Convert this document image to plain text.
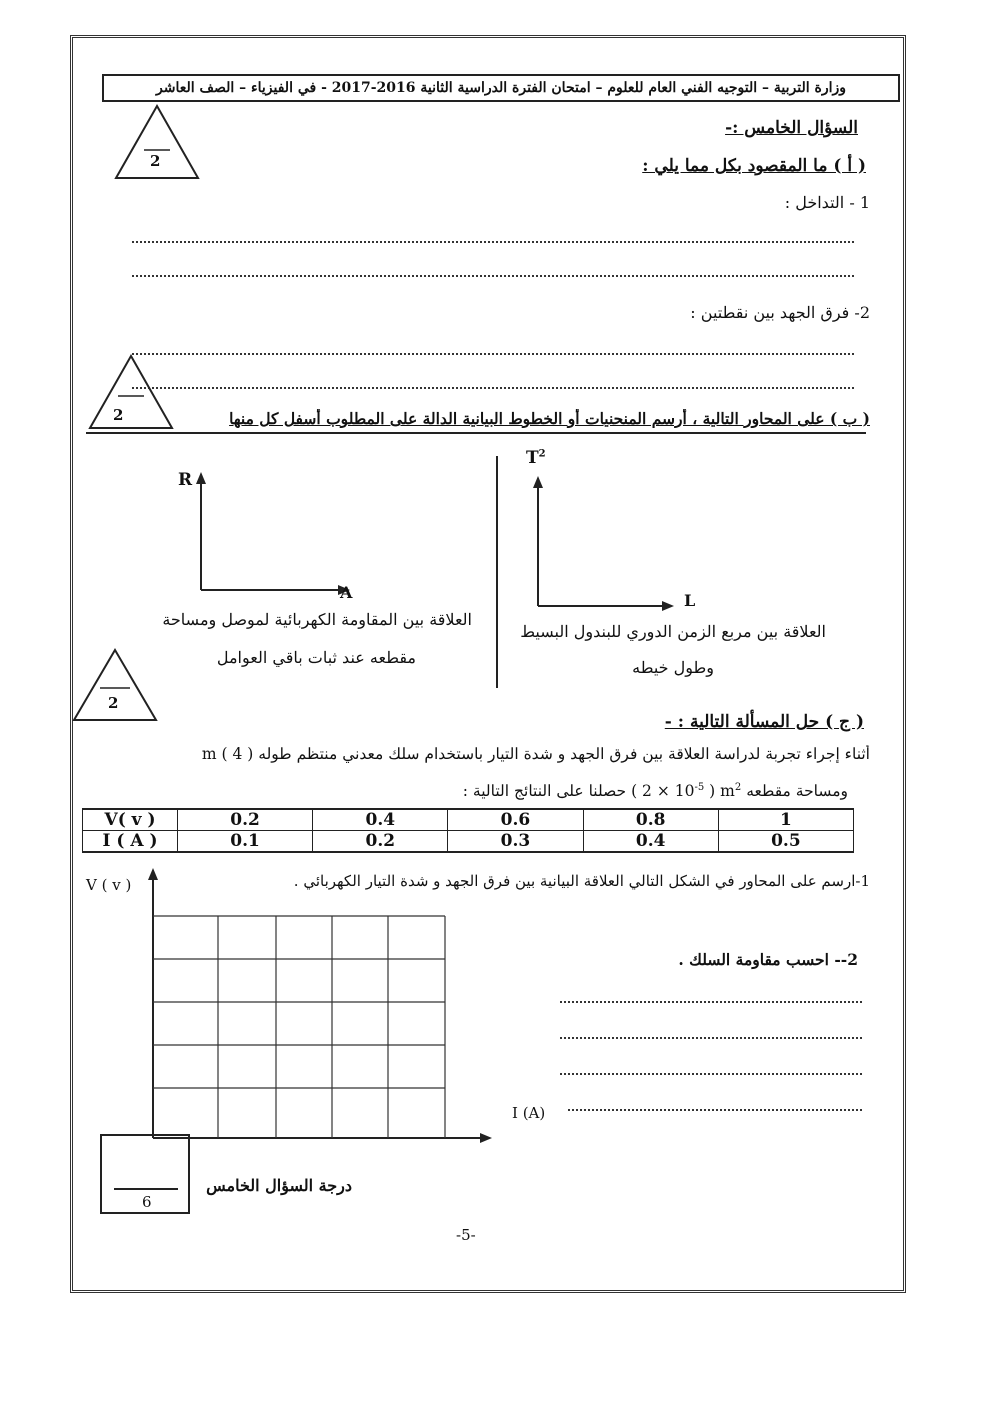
وزارة التربية – التوجيه الفني العام للعلوم – امتحان الفترة الدراسية الثانية 2016-2017 - في الفيزياء – الصف العاشر
السؤال الخامس :-
2	( أ ) ما المقصود بكل مما يلي :
1 - التداخل :
2- فرق الجهد بين نقطتين :
2	( ب ) على المحاور التالية ، أرسم المنحنيات أو الخطوط البيانية الدالة على المطلوب أسفل كل منها
R
A
العلاقة بين المقاومة الكهربائية لموصل ومساحة
مقطعه عند ثبات باقي العوامل
$T^2$
L
العلاقة بين مربع الزمن الدوري للبندول البسيط
وطول خيطه
2
( ج ) حل المسألة التالية : -
أثناء إجراء تجربة لدراسة العلاقة بين فرق الجهد و شدة التيار باستخدام سلك معدني منتظم طوله m ( 4 )
ومساحة مقطعه ( $2 \times 10^{-5}$ ) $m^2$ حصلنا على النتائج التالية :
V( v )	0.2	0.4	0.6	0.8	1
I ( A )	0.1	0.2	0.3	0.4	0.5
1-ارسم على المحاور في الشكل التالي العلاقة البيانية بين فرق الجهد و شدة التيار الكهربائي .
V ( v )
I (A)
2-- احسب مقاومة السلك .
6
درجة السؤال الخامس
-5-
